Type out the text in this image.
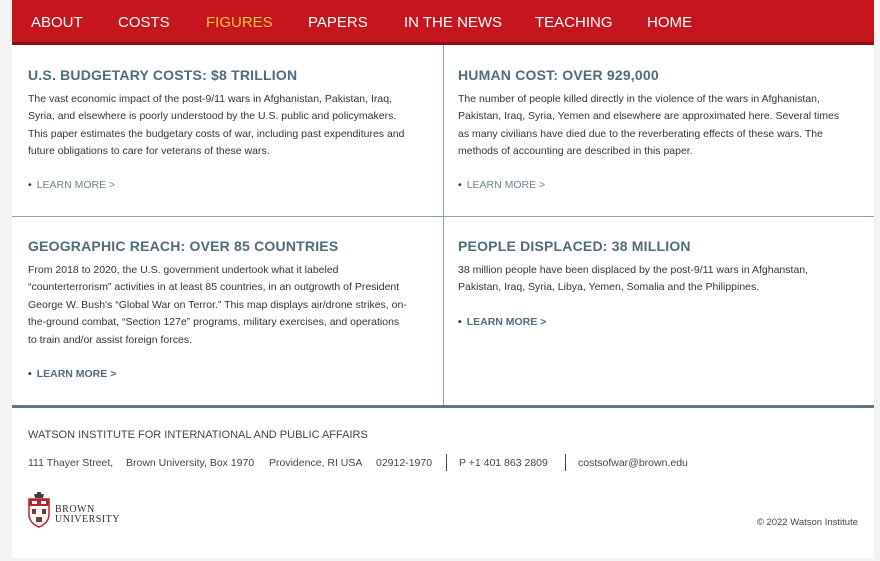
ABOUT COSTS FIGURES PAPERS IN THE NEWS TEACHING HOME
U.S. BUDGETARY COSTS: $8 TRILLION

The vast economic impact of the post-9/11 wars in Afghanistan, Pakistan, Iraq,
Syria, and elsewhere is poorly understood by the U.S. public and policymakers.
This paper estimates the budgetary costs of war, including past expenditures and
future obligations to care for veterans of these wars.

• LEARN MORE >
HUMAN COST: OVER 929,000

The number of people killed directly in the violence of the wars in Afghanistan,
Pakistan, Iraq, Syria, Yemen and elsewhere are approximated here. Several times
as many civilians have died due to the reverberating effects of these wars. The
methods of accounting are described in this paper.

• LEARN MORE >
GEOGRAPHIC REACH: OVER 85 COUNTRIES

From 2018 to 2020, the U.S. government undertook what it labeled
“counterterrorism” activities in at least 85 countries, in an outgrowth of President
George W. Bush's “Global War on Terror.” This map displays air/drone strikes, on-
the-ground combat, “Section 127e” programs, military exercises, and operations
to train and/or assist foreign forces.

• LEARN MORE >
PEOPLE DISPLACED: 38 MILLION

38 million people have been displaced by the post-9/11 wars in Afghanstan,
Pakistan, Iraq, Syria, Libya, Yemen, Somalia and the Philippines.

• LEARN MORE >
WATSON INSTITUTE FOR INTERNATIONAL AND PUBLIC AFFAIRS
111 Thayer Street, Brown University, Box 1970 Providence, RI USA 02912-1970	P +1 401 863 2809	costsofwar@brown.edu
BROWN
UNIVERSITY	© 2022 Watson Institute
